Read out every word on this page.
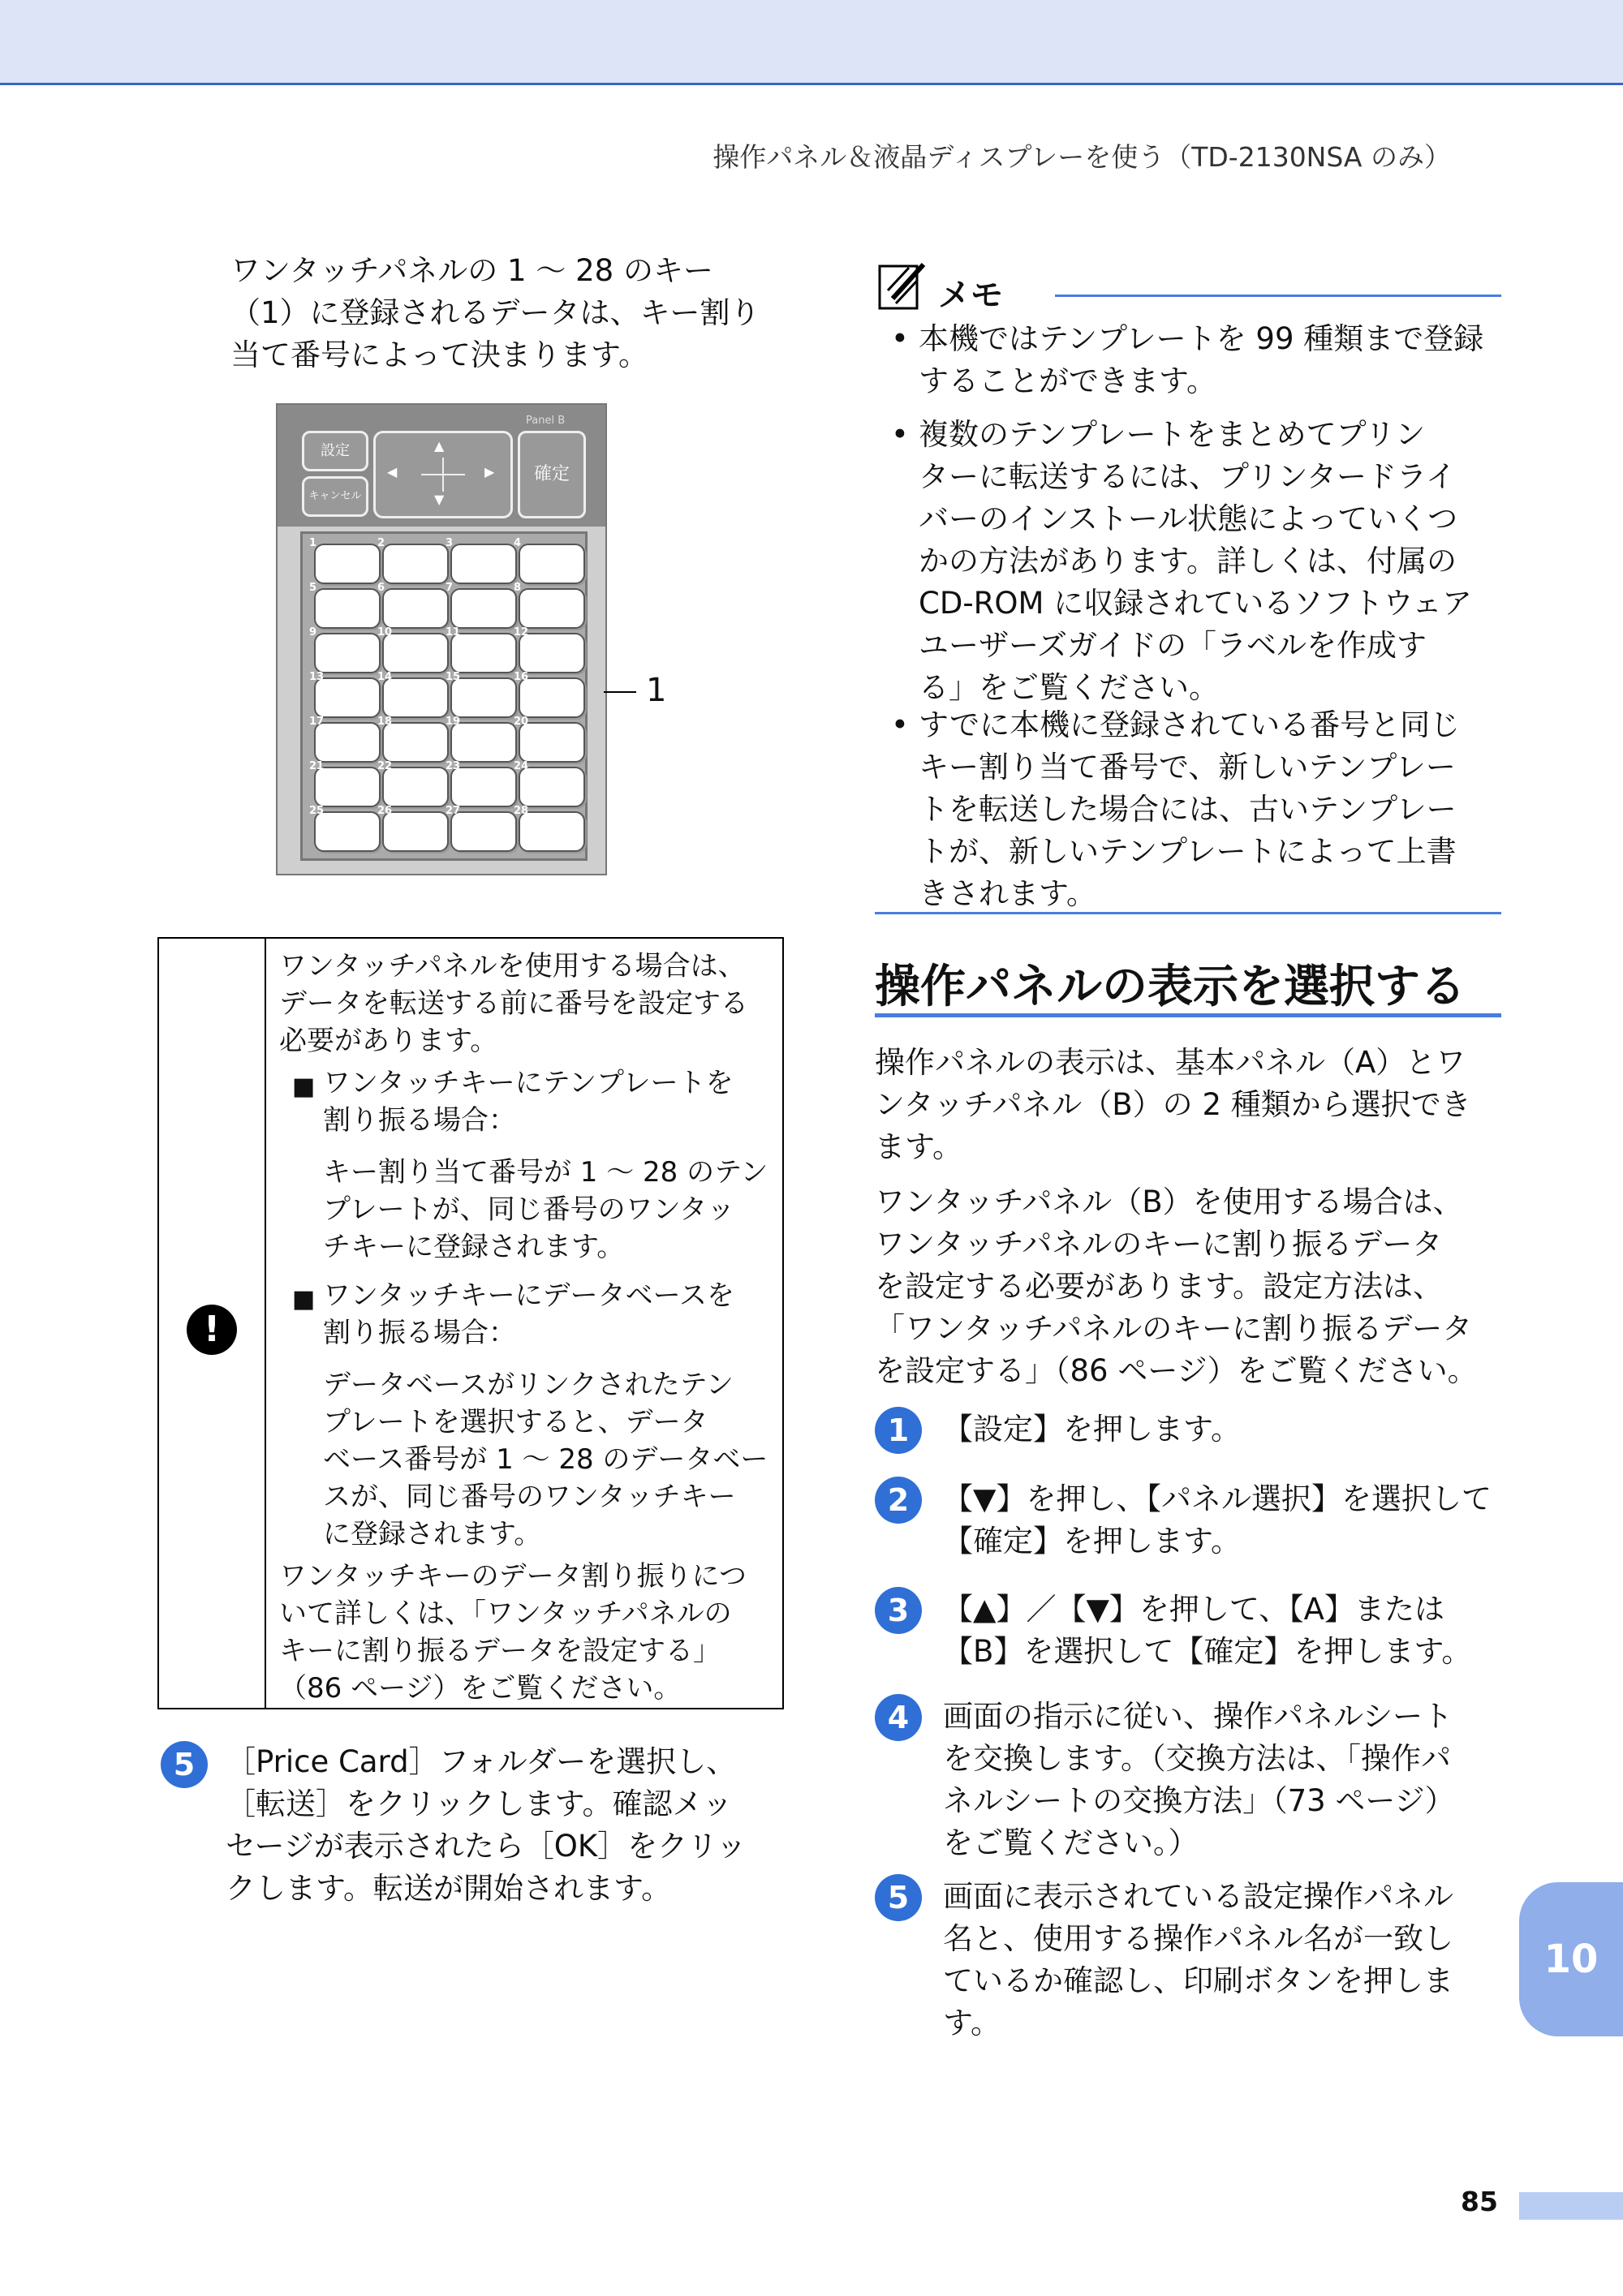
操作パネル＆液晶ディスプレーを使う（TD-2130NSA のみ）
ワンタッチパネルの 1 ～ 28 のキー
（1）に登録されるデータは、キー割り
当て番号によって決まります。
Panel B
設定
キャンセル
▲
▼
◀	▶	確定
1	2	3	4
5	6	7	8
9	10	11	12
13	14	15	16
17	18	19	20
21	22	23	24
25	26	27	28
1
!
ワンタッチパネルを使用する場合は、
データを転送する前に番号を設定する
必要があります。
■ ワンタッチキーにテンプレートを
割り振る場合：
キー割り当て番号が 1 ～ 28 のテン
プレートが、同じ番号のワンタッ
チキーに登録されます。
■ ワンタッチキーにデータベースを
割り振る場合：
データベースがリンクされたテン
プレートを選択すると、データ
ベース番号が 1 ～ 28 のデータベー
スが、同じ番号のワンタッチキー
に登録されます。
ワンタッチキーのデータ割り振りにつ
いて詳しくは、「ワンタッチパネルの
キーに割り振るデータを設定する」
（86 ページ）をご覧ください。
5	［Price Card］フォルダーを選択し、
［転送］をクリックします。確認メッ
セージが表示されたら［OK］をクリッ
クします。転送が開始されます。
メモ
• 本機ではテンプレートを 99 種類まで登録
することができます。
• 複数のテンプレートをまとめてプリン
ターに転送するには、プリンタードライ
バーのインストール状態によっていくつ
かの方法があります。詳しくは、付属の
CD-ROM に収録されているソフトウェア
ユーザーズガイドの「ラベルを作成す
る」をご覧ください。
• すでに本機に登録されている番号と同じ
キー割り当て番号で、新しいテンプレー
トを転送した場合には、古いテンプレー
トが、新しいテンプレートによって上書
きされます。
操作パネルの表示を選択する
操作パネルの表示は、基本パネル（A）とワ
ンタッチパネル（B）の 2 種類から選択でき
ます。
ワンタッチパネル（B）を使用する場合は、
ワンタッチパネルのキーに割り振るデータ
を設定する必要があります。設定方法は、
「ワンタッチパネルのキーに割り振るデータ
を設定する」（86 ページ）をご覧ください。
1	【設定】を押します。
2	【▼】を押し、【パネル選択】を選択して
【確定】を押します。
3	【▲】／【▼】を押して、【A】または
【B】を選択して【確定】を押します。
4	画面の指示に従い、操作パネルシート
を交換します。（交換方法は、「操作パ
ネルシートの交換方法」（73 ページ）
をご覧ください。）
5	画面に表示されている設定操作パネル
名と、使用する操作パネル名が一致し
ているか確認し、印刷ボタンを押しま
す。
10
85
